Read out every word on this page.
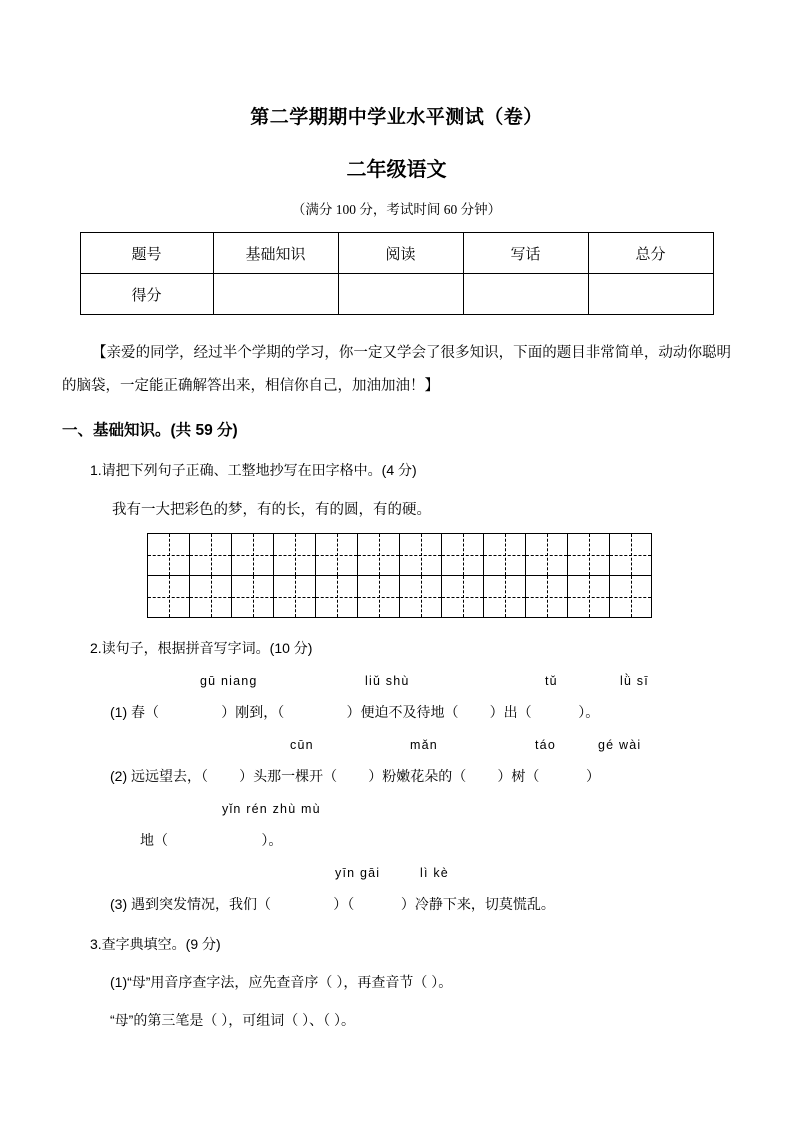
第二学期期中学业水平测试（卷）
二年级语文
（满分 100 分，考试时间 60 分钟）
题号	基础知识	阅读	写话	总分
得分				

【亲爱的同学，经过半个学期的学习，你一定又学会了很多知识，下面的题目非常简单，动动你聪明的脑袋，一定能正确解答出来，相信你自己，加油加油！】

一、基础知识。(共 59 分)
1.请把下列句子正确、工整地抄写在田字格中。(4 分)
我有一大把彩色的梦，有的长，有的圆，有的硬。

2.读句子，根据拼音写字词。(10 分)
gū niang	liǔ shù	tǔ	lǜ sī
(1) 春（                ）刚到，（                ）便迫不及待地（        ）出（            ）。
cūn	mǎn	táo	gé wài
(2) 远远望去，（        ）头那一棵开（        ）粉嫩花朵的（        ）树（            ）
yǐn rén zhù mù
地（                        ）。
yīn gāi	lì kè
(3) 遇到突发情况，我们（                ）（            ）冷静下来，切莫慌乱。
3.查字典填空。(9 分)
(1)“母”用音序查字法，应先查音序（ ），再查音节（ ）。
“母”的第三笔是（ ），可组词（ ）、（ ）。
